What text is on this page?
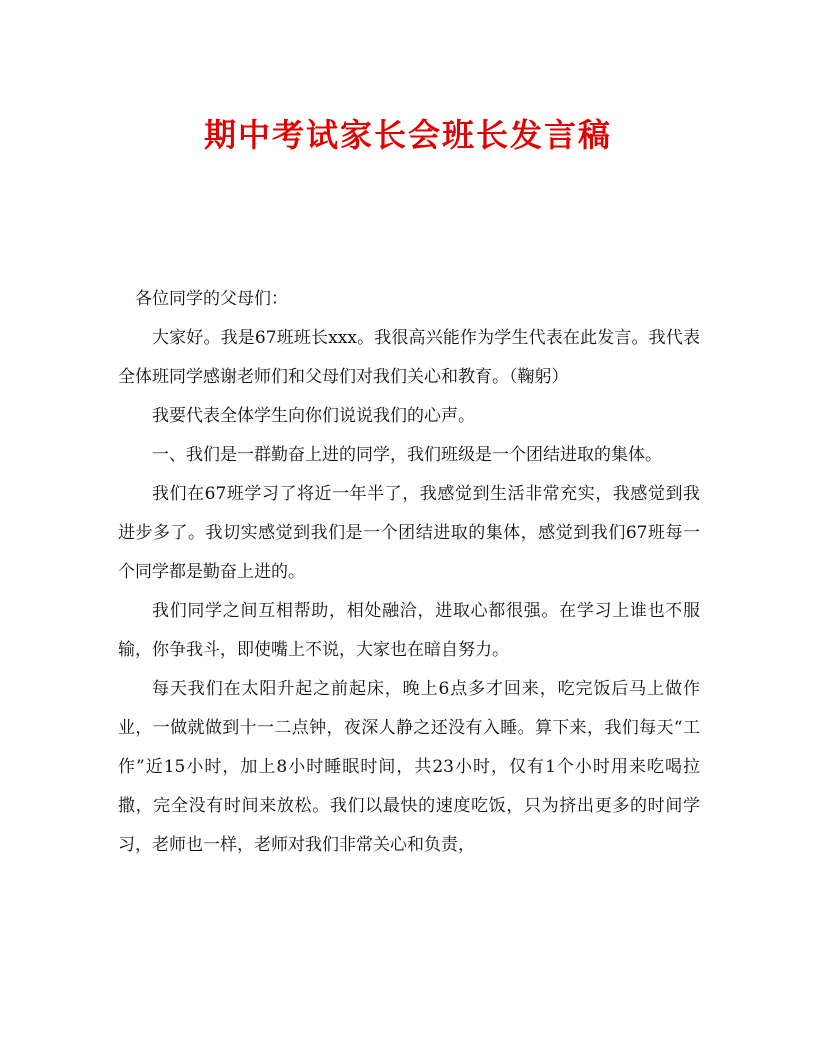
期中考试家长会班长发言稿

各位同学的父母们：

大家好。我是67班班长xxx。我很高兴能作为学生代表在此发言。我代表全体班同学感谢老师们和父母们对我们关心和教育。（鞠躬）

我要代表全体学生向你们说说我们的心声。

一、我们是一群勤奋上进的同学，我们班级是一个团结进取的集体。

我们在67班学习了将近一年半了，我感觉到生活非常充实，我感觉到我进步多了。我切实感觉到我们是一个团结进取的集体，感觉到我们67班每一个同学都是勤奋上进的。

我们同学之间互相帮助，相处融洽，进取心都很强。在学习上谁也不服输，你争我斗，即使嘴上不说，大家也在暗自努力。

每天我们在太阳升起之前起床，晚上6点多才回来，吃完饭后马上做作业，一做就做到十一二点钟，夜深人静之还没有入睡。算下来，我们每天“工作”近15小时，加上8小时睡眠时间，共23小时，仅有1个小时用来吃喝拉撒，完全没有时间来放松。我们以最快的速度吃饭，只为挤出更多的时间学习，老师也一样，老师对我们非常关心和负责，
